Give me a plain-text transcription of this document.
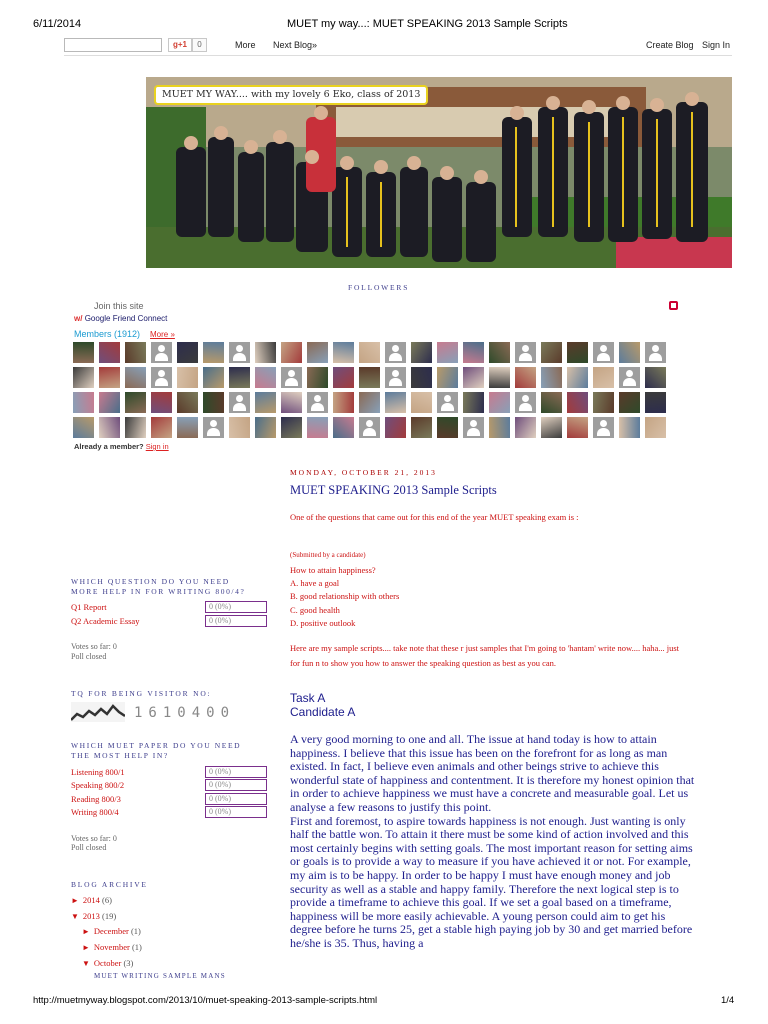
6/11/2014	MUET my way...: MUET SPEAKING 2013 Sample Scripts
g+1	0	More Next Blog»	Create Blog Sign In
MUET MY WAY.... with my lovely 6 Eko, class of 2013
FOLLOWERS
Join this site
w/ Google Friend Connect
Members (1912) More »
Already a member? Sign in
WHICH QUESTION DO YOU NEED MORE HELP IN FOR WRITING 800/4?
Q1 Report	0 (0%)
Q2 Academic Essay	0 (0%)
Votes so far: 0
Poll closed
TQ FOR BEING VISITOR NO:
1610400
WHICH MUET PAPER DO YOU NEED THE MOST HELP IN?
Listening 800/1	0 (0%)
Speaking 800/2	0 (0%)
Reading 800/3	0 (0%)
Writing 800/4	0 (0%)
Votes so far: 0
Poll closed
BLOG ARCHIVE
► 2014 (6)
▼ 2013 (19)
► December (1)
► November (1)
▼ October (3)
MUET WRITING SAMPLE MANS
MONDAY, OCTOBER 21, 2013
MUET SPEAKING 2013 Sample Scripts
One of the questions that came out for this end of the year MUET speaking exam is :
(Submitted by a candidate)
How to attain happiness?
A. have a goal
B. good relationship with others
C. good health
D. positive outlook
Here are my sample scripts.... take note that these r just samples that I'm going to 'hantam' write now.... haha... just for fun n to show you how to answer the speaking question as best as you can.
Task A
Candidate A

A very good morning to one and all. The issue at hand today is how to attain happiness. I believe that this issue has been on the forefront for as long as man existed. In fact, I believe even animals and other beings strive to achieve this wonderful state of happiness and contentment. It is therefore my honest opinion that in order to achieve happiness we must have a concrete and measurable goal. Let us analyse a few reasons to justify this point.

First and foremost, to aspire towards happiness is not enough. Just wanting is only half the battle won. To attain it there must be some kind of action involved and this most certainly begins with setting goals. The most important reason for setting aims or goals is to provide a way to measure if you have achieved it or not. For example, my aim is to be happy. In order to be happy I must have enough money and job security as well as a stable and happy family. Therefore the next logical step is to provide a timeframe to achieve this goal. If we set a goal based on a timeframe, happiness will be more easily achievable. A young person could aim to get his degree before he turns 25, get a stable high paying job by 30 and get married before he/she is 35. Thus, having a

http://muetmyway.blogspot.com/2013/10/muet-speaking-2013-sample-scripts.html	1/4
